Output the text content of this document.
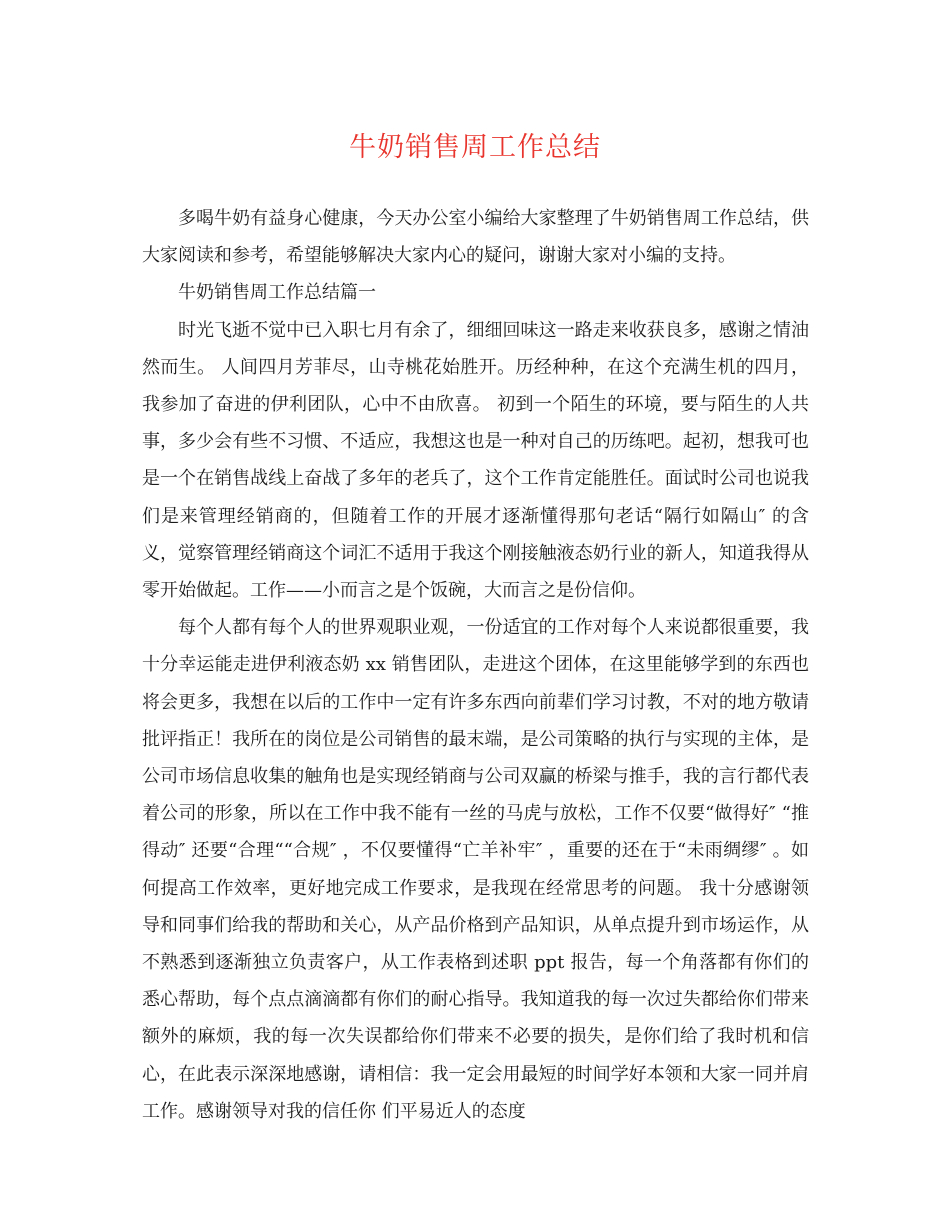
牛奶销售周工作总结

多喝牛奶有益身心健康，今天办公室小编给大家整理了牛奶销售周工作总结，供大家阅读和参考，希望能够解决大家内心的疑问，谢谢大家对小编的支持。

牛奶销售周工作总结篇一

时光飞逝不觉中已入职七月有余了，细细回味这一路走来收获良多，感谢之情油然而生。 人间四月芳菲尽，山寺桃花始胜开。历经种种，在这个充满生机的四月，我参加了奋进的伊利团队，心中不由欣喜。 初到一个陌生的环境，要与陌生的人共事，多少会有些不习惯、不适应，我想这也是一种对自己的历练吧。起初，想我可也是一个在销售战线上奋战了多年的老兵了，这个工作肯定能胜任。面试时公司也说我们是来管理经销商的，但随着工作的开展才逐渐懂得那句老话“隔行如隔山″ 的含义，觉察管理经销商这个词汇不适用于我这个刚接触液态奶行业的新人，知道我得从零开始做起。工作——小而言之是个饭碗，大而言之是份信仰。

每个人都有每个人的世界观职业观，一份适宜的工作对每个人来说都很重要，我十分幸运能走进伊利液态奶 xx 销售团队，走进这个团体，在这里能够学到的东西也将会更多，我想在以后的工作中一定有许多东西向前辈们学习讨教，不对的地方敬请批评指正！我所在的岗位是公司销售的最末端，是公司策略的执行与实现的主体，是公司市场信息收集的触角也是实现经销商与公司双赢的桥梁与推手，我的言行都代表着公司的形象，所以在工作中我不能有一丝的马虎与放松，工作不仅要“做得好″ “推得动″ 还要“合理““合规″ ，不仅要懂得“亡羊补牢″ ，重要的还在于“未雨绸缪″ 。如何提高工作效率，更好地完成工作要求，是我现在经常思考的问题。 我十分感谢领导和同事们给我的帮助和关心，从产品价格到产品知识，从单点提升到市场运作，从不熟悉到逐渐独立负责客户，从工作表格到述职 ppt 报告，每一个角落都有你们的悉心帮助，每个点点滴滴都有你们的耐心指导。我知道我的每一次过失都给你们带来额外的麻烦，我的每一次失误都给你们带来不必要的损失，是你们给了我时机和信心，在此表示深深地感谢，请相信：我一定会用最短的时间学好本领和大家一同并肩工作。感谢领导对我的信任你 们平易近人的态度
